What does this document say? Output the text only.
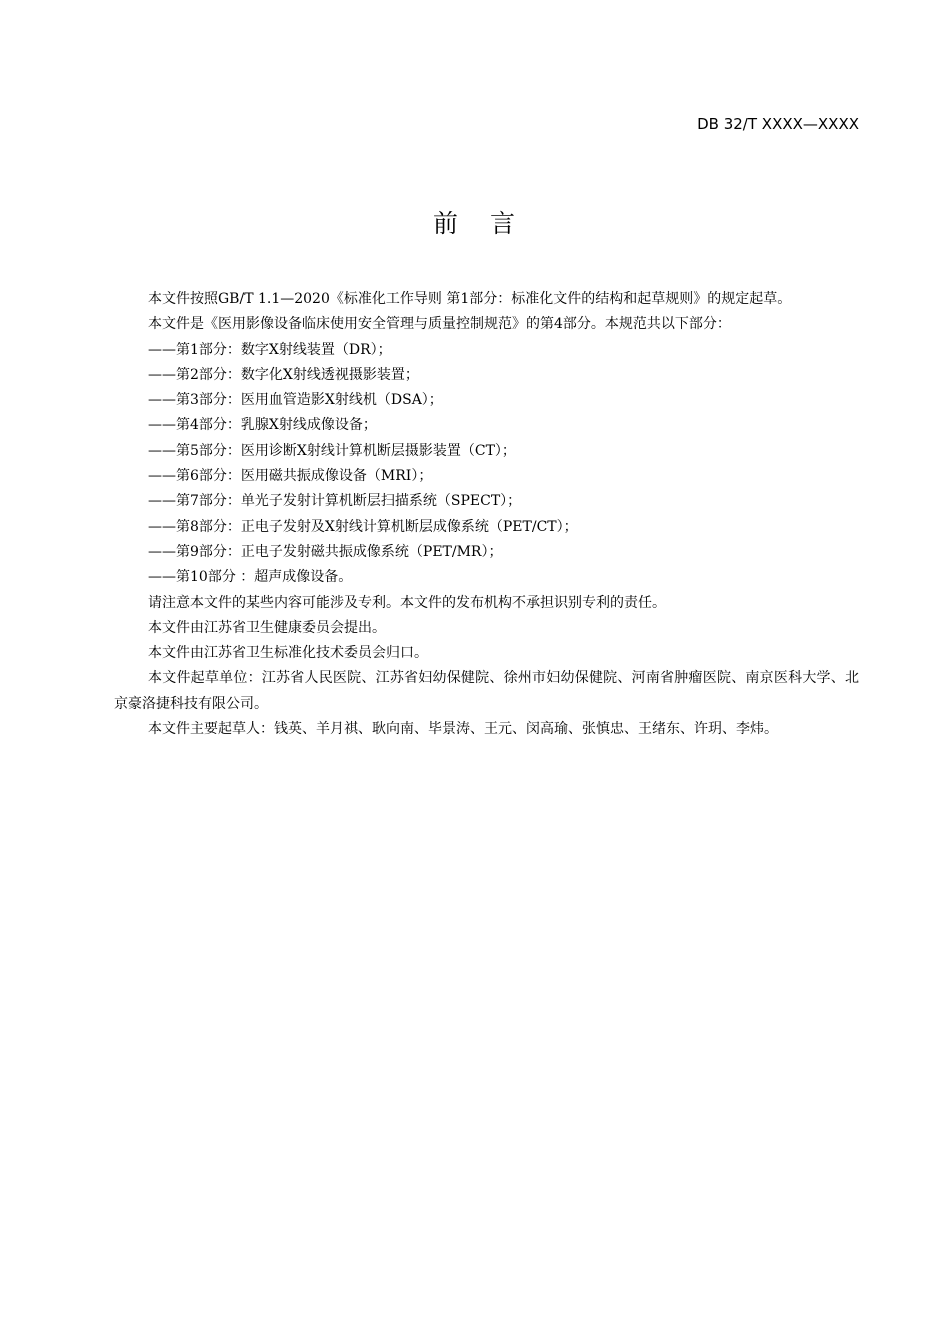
DB 32/T XXXX—XXXX
前 言

本文件按照GB/T 1.1—2020《标准化工作导则 第1部分：标准化文件的结构和起草规则》的规定起草。

本文件是《医用影像设备临床使用安全管理与质量控制规范》的第4部分。本规范共以下部分：

——第1部分：数字X射线装置（DR）；

——第2部分：数字化X射线透视摄影装置；

——第3部分：医用血管造影X射线机（DSA）；

——第4部分：乳腺X射线成像设备；

——第5部分：医用诊断X射线计算机断层摄影装置（CT）；

——第6部分：医用磁共振成像设备（MRI）；

——第7部分：单光子发射计算机断层扫描系统（SPECT）；

——第8部分：正电子发射及X射线计算机断层成像系统（PET/CT）；

——第9部分：正电子发射磁共振成像系统（PET/MR）；

——第10部分 ：超声成像设备。

请注意本文件的某些内容可能涉及专利。本文件的发布机构不承担识别专利的责任。

本文件由江苏省卫生健康委员会提出。

本文件由江苏省卫生标准化技术委员会归口。

本文件起草单位：江苏省人民医院、江苏省妇幼保健院、徐州市妇幼保健院、河南省肿瘤医院、南京医科大学、北京豪洛捷科技有限公司。

本文件主要起草人：钱英、羊月祺、耿向南、毕景涛、王元、闵高瑜、张慎忠、王绪东、许玥、李炜。
